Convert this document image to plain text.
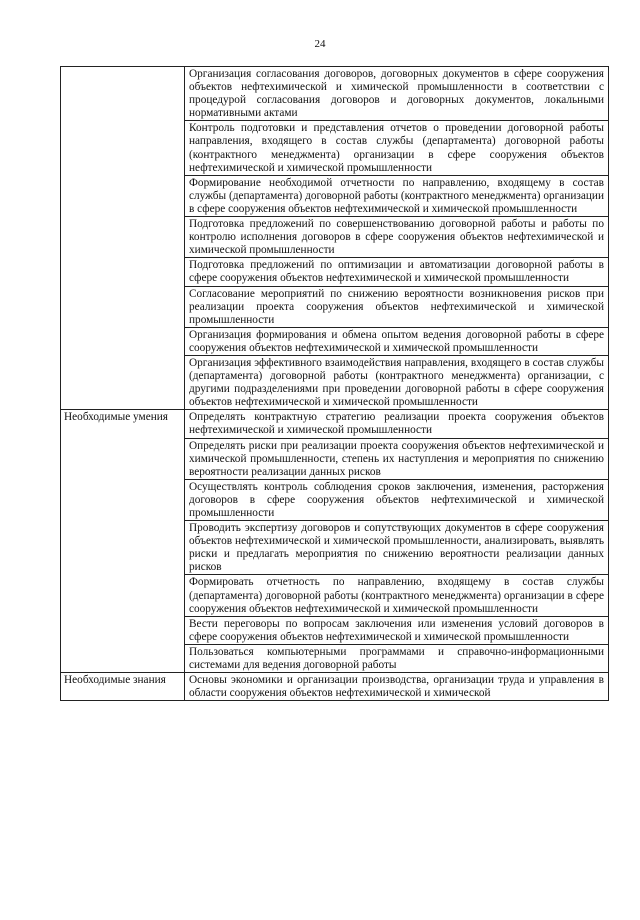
24
	Организация согласования договоров, договорных документов в сфере сооружения объектов нефтехимической и химической промышленности в соответствии с процедурой согласования договоров и договорных документов, локальными нормативными актами
	Контроль подготовки и представления отчетов о проведении договорной работы направления, входящего в состав службы (департамента) договорной работы (контрактного менеджмента) организации в сфере сооружения объектов нефтехимической и химической промышленности
	Формирование необходимой отчетности по направлению, входящему в состав службы (департамента) договорной работы (контрактного менеджмента) организации в сфере сооружения объектов нефтехимической и химической промышленности
	Подготовка предложений по совершенствованию договорной работы и работы по контролю исполнения договоров в сфере сооружения объектов нефтехимической и химической промышленности
	Подготовка предложений по оптимизации и автоматизации договорной работы в сфере сооружения объектов нефтехимической и химической промышленности
	Согласование мероприятий по снижению вероятности возникновения рисков при реализации проекта сооружения объектов нефтехимической и химической промышленности
	Организация формирования и обмена опытом ведения договорной работы в сфере сооружения объектов нефтехимической и химической промышленности
	Организация эффективного взаимодействия направления, входящего в состав службы (департамента) договорной работы (контрактного менеджмента) организации, с другими подразделениями при проведении договорной работы в сфере сооружения объектов нефтехимической и химической промышленности
Необходимые умения	Определять контрактную стратегию реализации проекта сооружения объектов нефтехимической и химической промышленности
	Определять риски при реализации проекта сооружения объектов нефтехимической и химической промышленности, степень их наступления и мероприятия по снижению вероятности реализации данных рисков
	Осуществлять контроль соблюдения сроков заключения, изменения, расторжения договоров в сфере сооружения объектов нефтехимической и химической промышленности
	Проводить экспертизу договоров и сопутствующих документов в сфере сооружения объектов нефтехимической и химической промышленности, анализировать, выявлять риски и предлагать мероприятия по снижению вероятности реализации данных рисков
	Формировать отчетность по направлению, входящему в состав службы (департамента) договорной работы (контрактного менеджмента) организации в сфере сооружения объектов нефтехимической и химической промышленности
	Вести переговоры по вопросам заключения или изменения условий договоров в сфере сооружения объектов нефтехимической и химической промышленности
	Пользоваться компьютерными программами и справочно-информационными системами для ведения договорной работы
Необходимые знания	Основы экономики и организации производства, организации труда и управления в области сооружения объектов нефтехимической и химической
